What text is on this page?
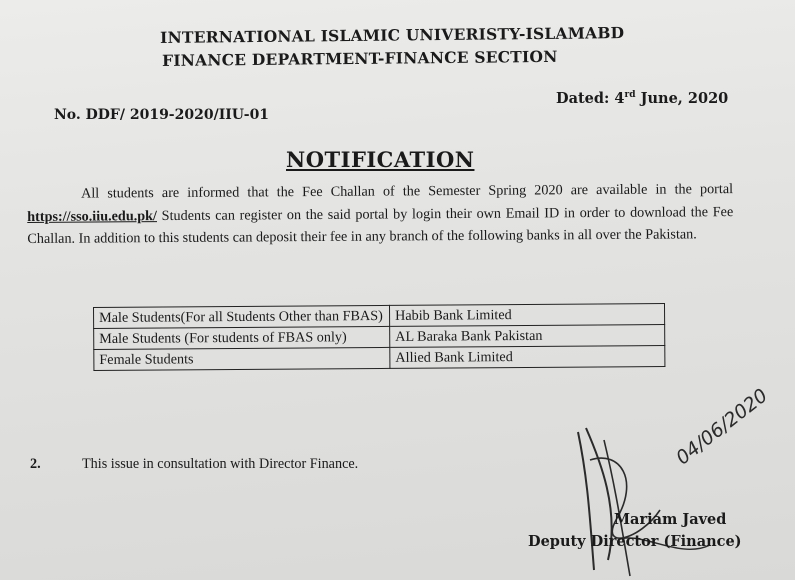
INTERNATIONAL ISLAMIC UNIVERISTY-ISLAMABD
FINANCE DEPARTMENT-FINANCE SECTION
No. DDF/ 2019-2020/IIU-01
Dated: 4rd June, 2020
NOTIFICATION
All students are informed that the Fee Challan of the Semester Spring 2020 are available in the portal https://sso.iiu.edu.pk/ Students can register on the said portal by login their own Email ID in order to download the Fee Challan. In addition to this students can deposit their fee in any branch of the following banks in all over the Pakistan.
Male Students(For all Students Other than FBAS)	Habib Bank Limited
Male Students (For students of FBAS only)	AL Baraka Bank Pakistan
Female Students	Allied Bank Limited
2.	This issue in consultation with Director Finance.	04/06/2020
Mariam Javed
Deputy Director (Finance)
